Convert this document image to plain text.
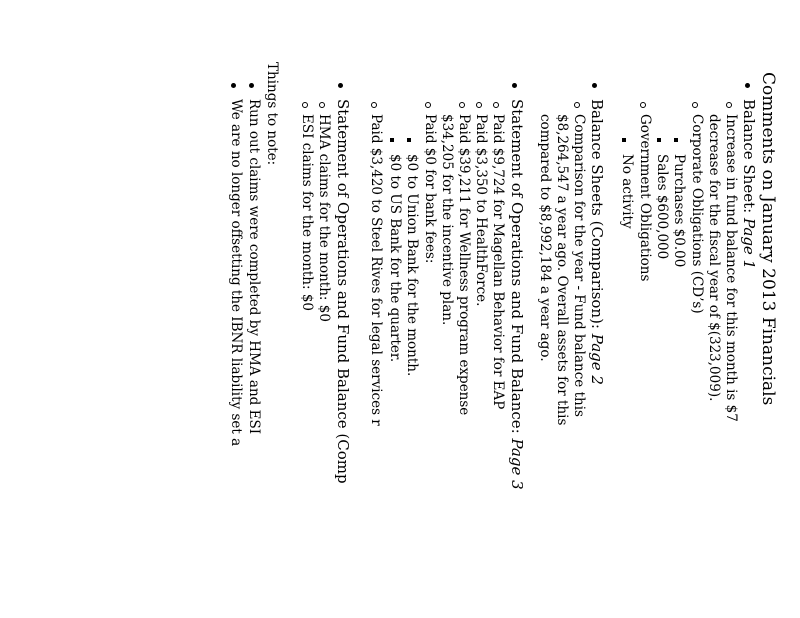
Comments on January 2013 Financials
Balance Sheet: Page 1
Increase in fund balance for this month is $7
decrease for the fiscal year of $(323,009).
Corporate Obligations (CD’s)
Purchases $0.00
Sales $600,000
Government Obligations
No activity
Balance Sheets (Comparison): Page 2
Comparison for the year - Fund balance this
$8,264,547 a year ago. Overall assets for this
compared to $8,992,184 a year ago.
Statement of Operations and Fund Balance: Page 3
Paid $9,724 for Magellan Behavior for EAP
Paid $3,350 to HealthForce.
Paid $39,211 for Wellness program expense
$34,205 for the incentive plan.
Paid $0 for bank fees:
$0 to Union Bank for the month.
$0 to US Bank for the quarter.
Paid $3,420 to Steel Rives for legal services r
Statement of Operations and Fund Balance (Comp
HMA claims for the month: $0
ESI claims for the month: $0
Things to note:
Run out claims were completed by HMA and ESI
We are no longer offsetting the IBNR liability set a
